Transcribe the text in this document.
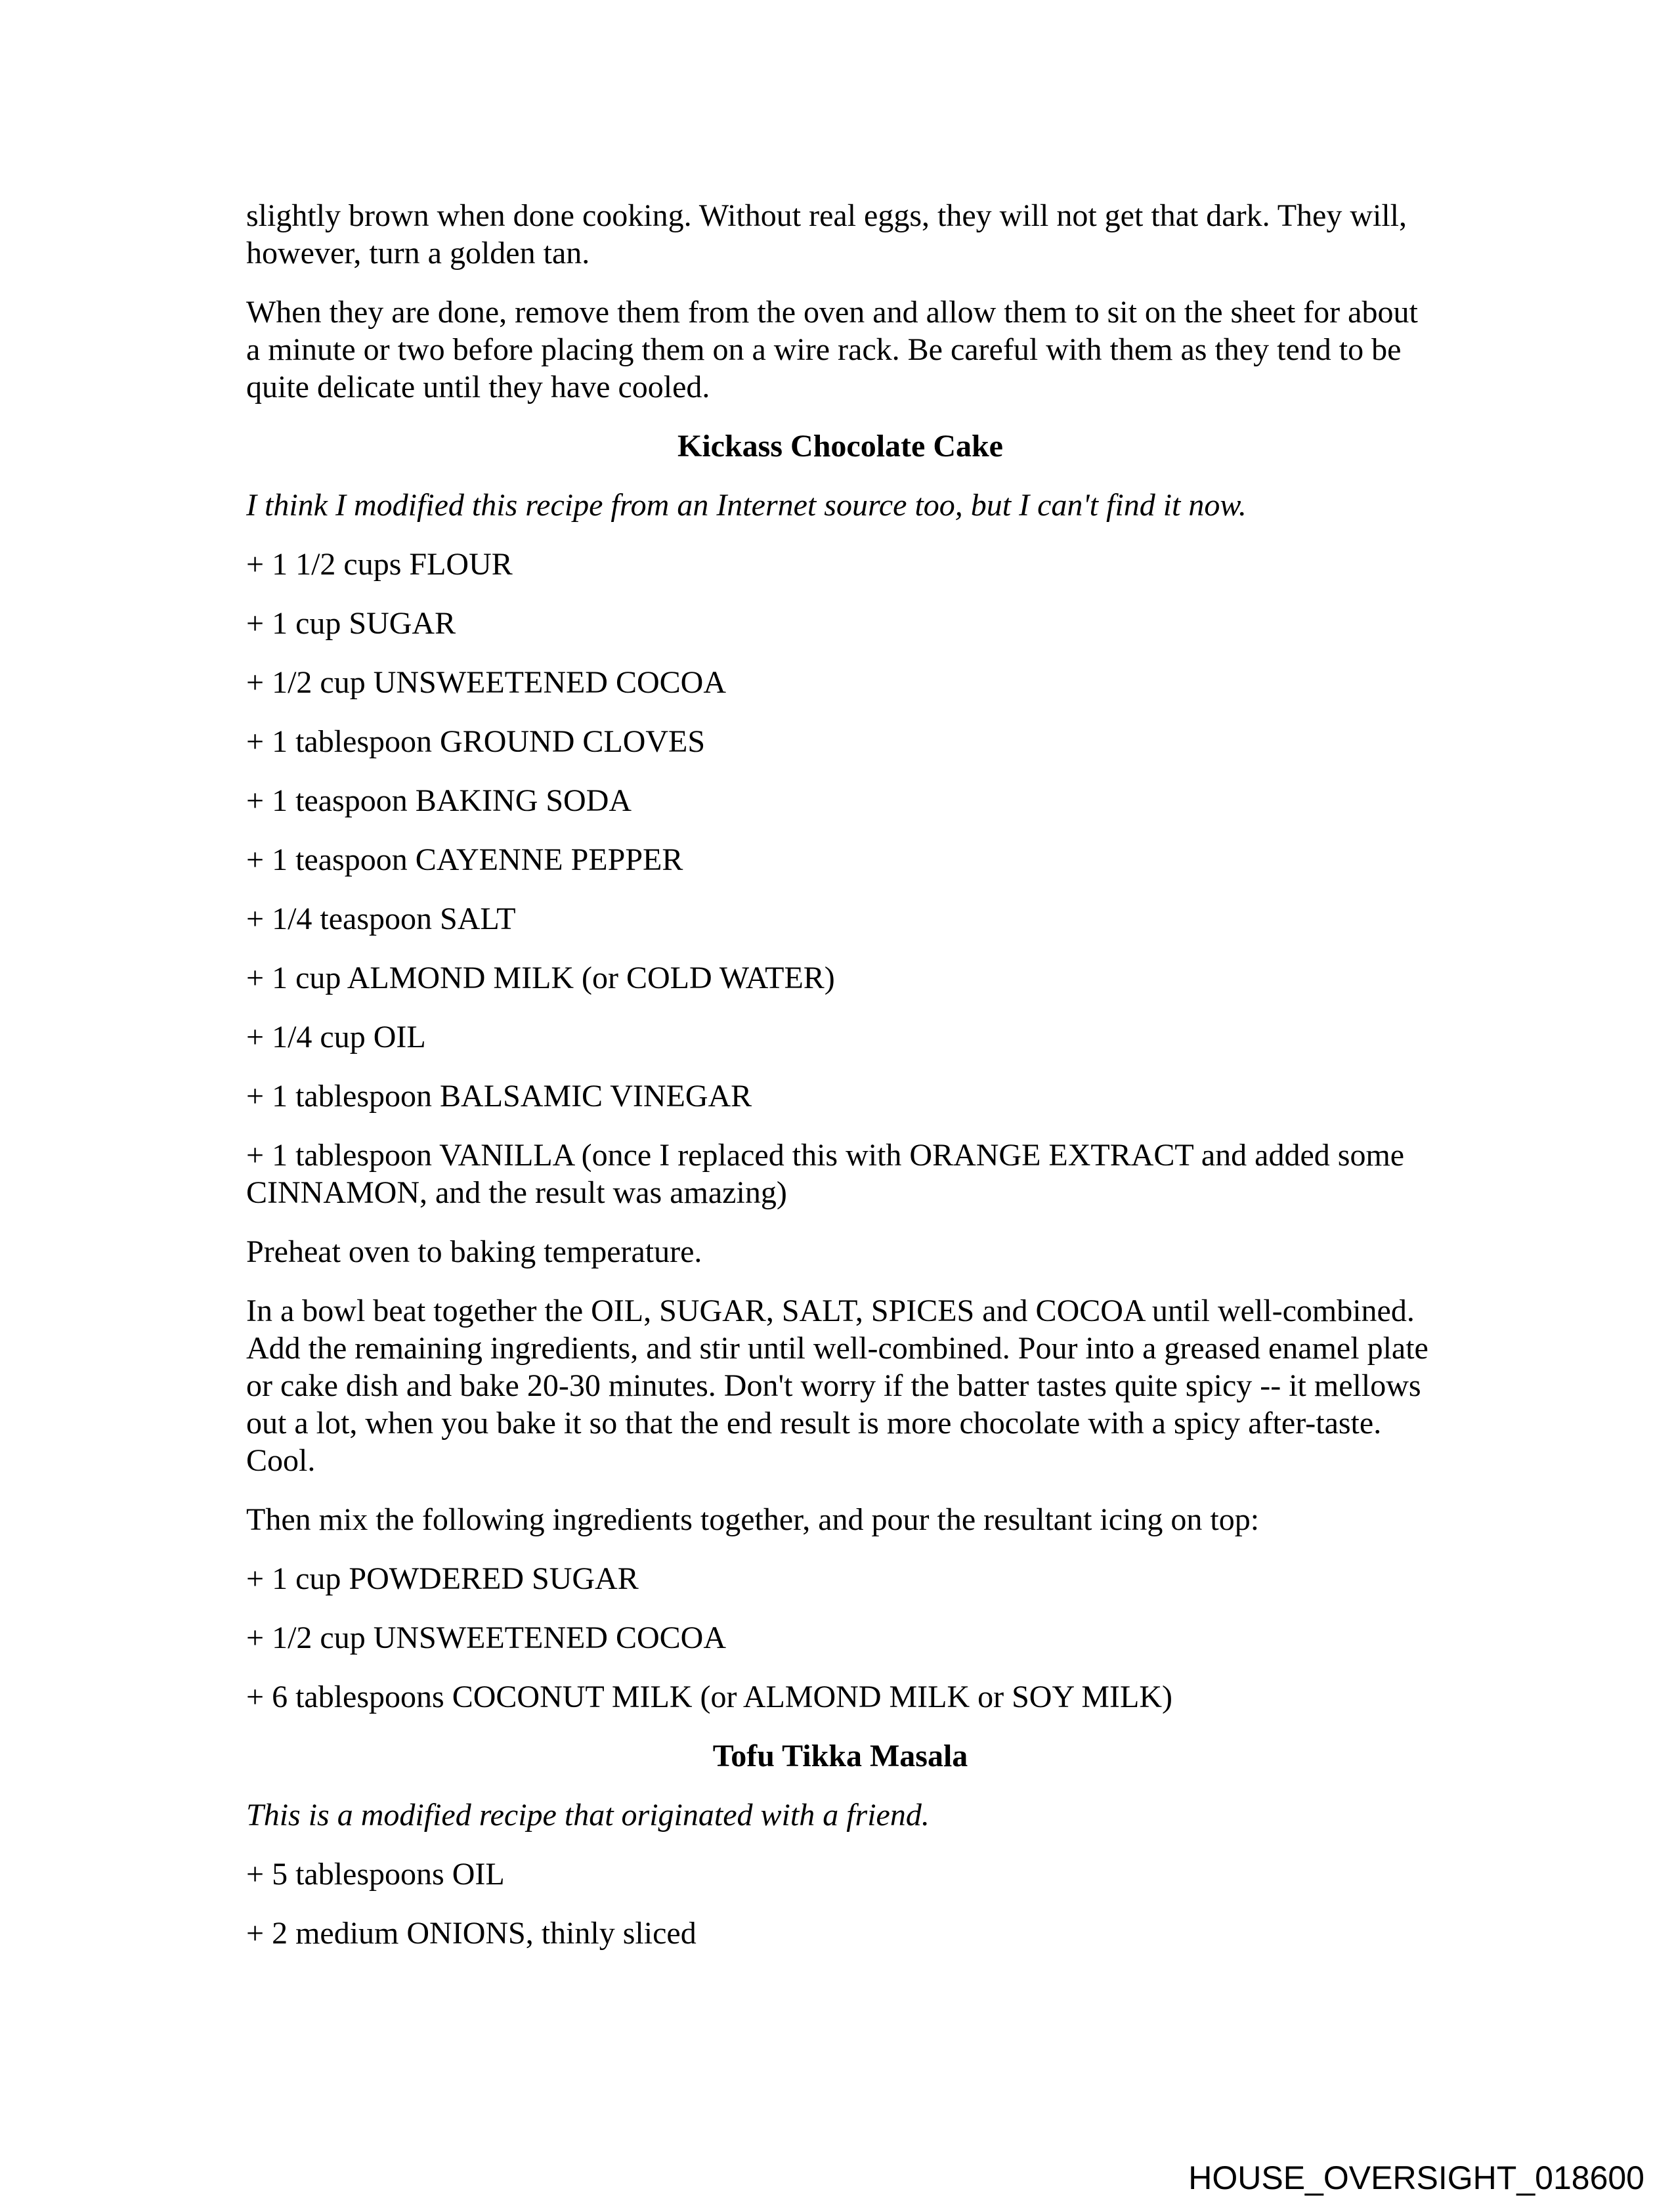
slightly brown when done cooking. Without real eggs, they will not get that dark. They will, however, turn a golden tan.

When they are done, remove them from the oven and allow them to sit on the sheet for about a minute or two before placing them on a wire rack. Be careful with them as they tend to be quite delicate until they have cooled.

Kickass Chocolate Cake

I think I modified this recipe from an Internet source too, but I can't find it now.

+ 1 1/2 cups FLOUR

+ 1 cup SUGAR

+ 1/2 cup UNSWEETENED COCOA

+ 1 tablespoon GROUND CLOVES

+ 1 teaspoon BAKING SODA

+ 1 teaspoon CAYENNE PEPPER

+ 1/4 teaspoon SALT

+ 1 cup ALMOND MILK (or COLD WATER)

+ 1/4 cup OIL

+ 1 tablespoon BALSAMIC VINEGAR

+ 1 tablespoon VANILLA (once I replaced this with ORANGE EXTRACT and added some CINNAMON, and the result was amazing)

Preheat oven to baking temperature.

In a bowl beat together the OIL, SUGAR, SALT, SPICES and COCOA until well-combined. Add the remaining ingredients, and stir until well-combined. Pour into a greased enamel plate or cake dish and bake 20-30 minutes. Don't worry if the batter tastes quite spicy -- it mellows out a lot, when you bake it so that the end result is more chocolate with a spicy after-taste. Cool.

Then mix the following ingredients together, and pour the resultant icing on top:

+ 1 cup POWDERED SUGAR

+ 1/2 cup UNSWEETENED COCOA

+ 6 tablespoons COCONUT MILK (or ALMOND MILK or SOY MILK)

Tofu Tikka Masala

This is a modified recipe that originated with a friend.

+ 5 tablespoons OIL

+ 2 medium ONIONS, thinly sliced

HOUSE_OVERSIGHT_018600
